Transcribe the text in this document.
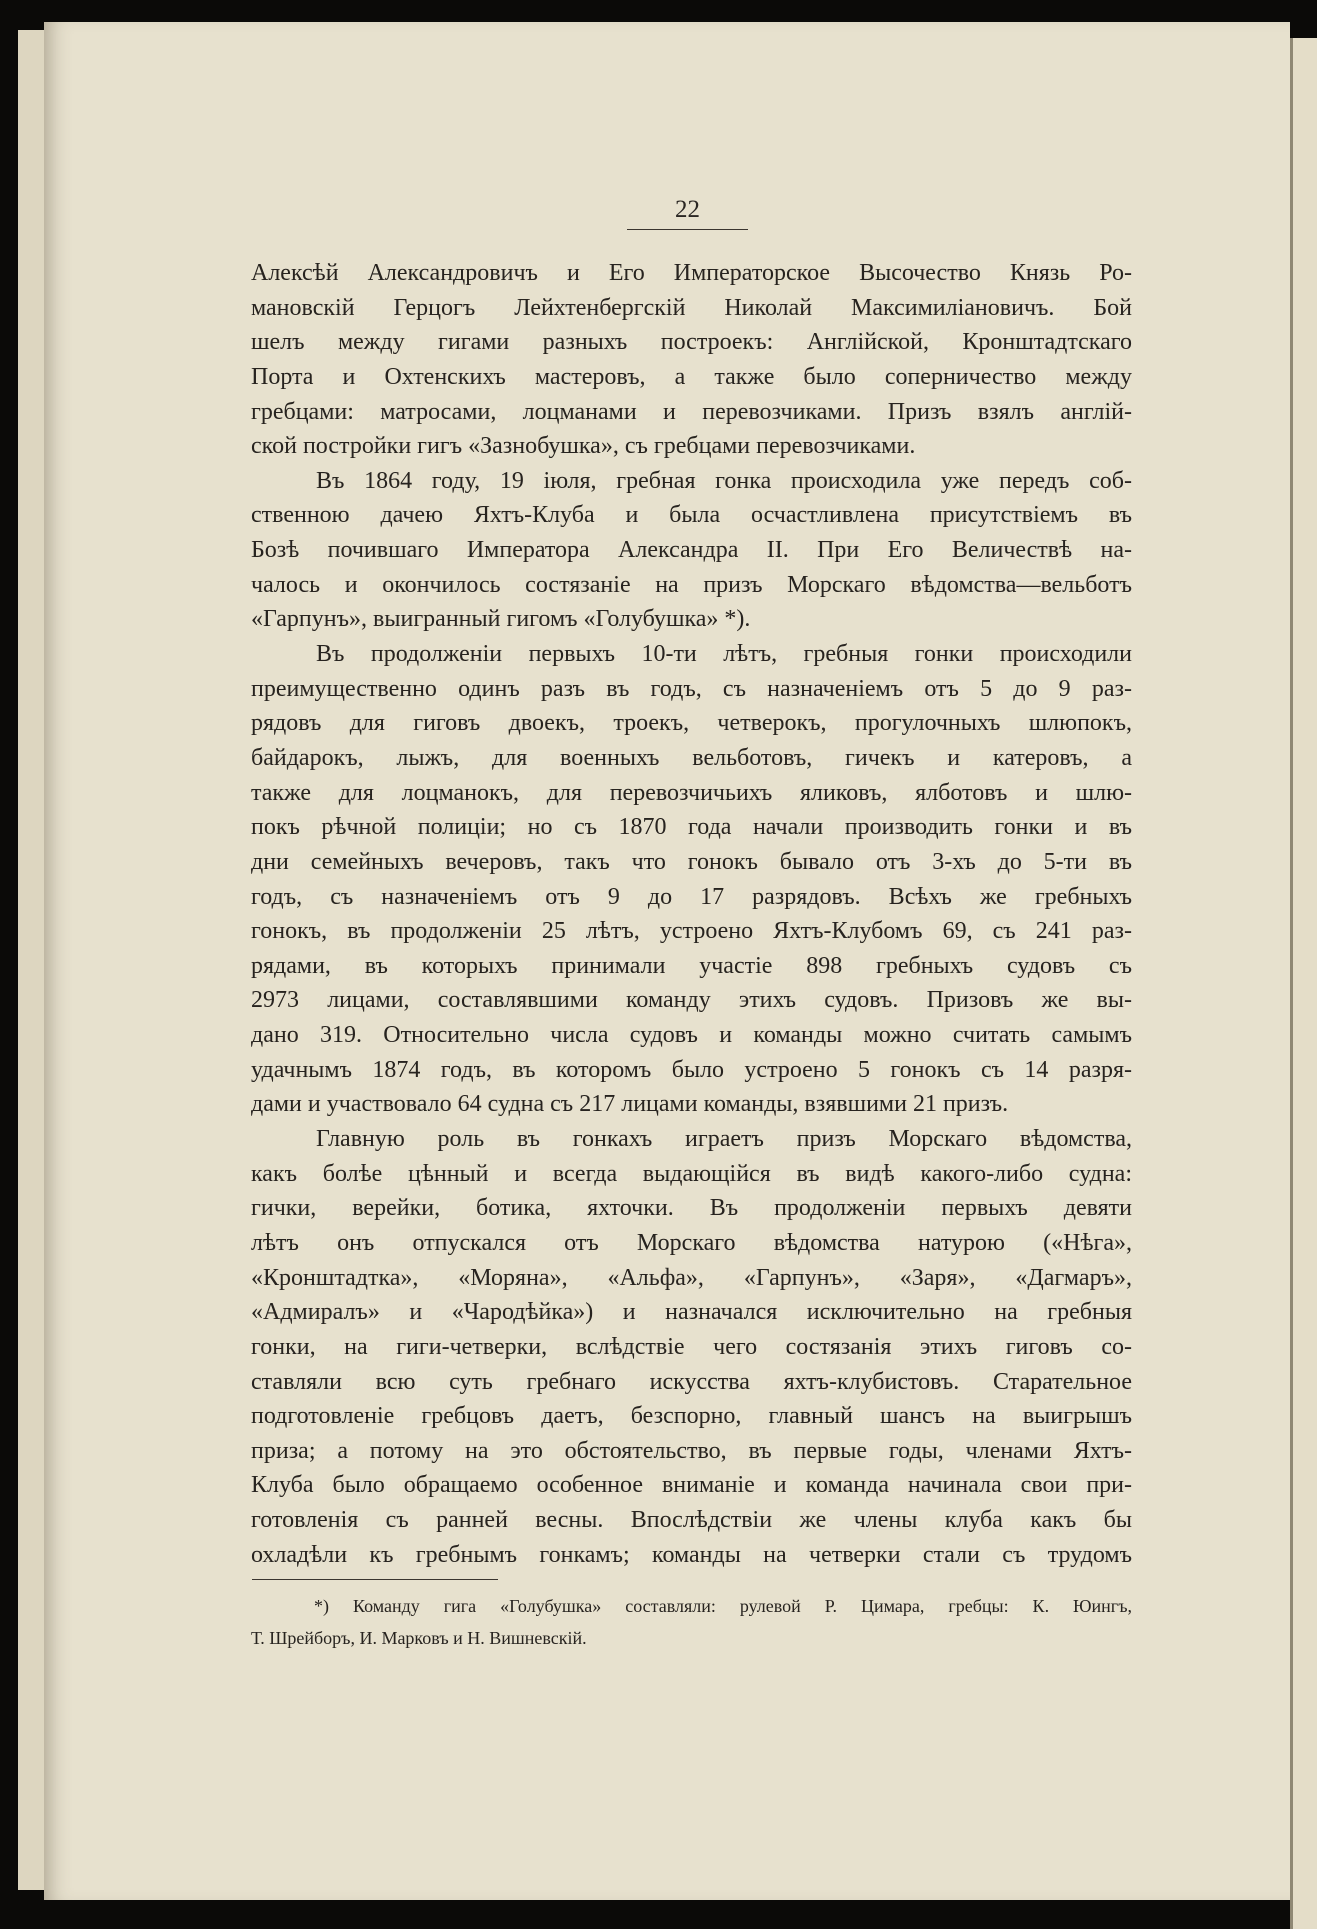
22
Алексѣй Александровичъ и Его Императорское Высочество Князь Ро-
мановскій Герцогъ Лейхтенбергскій Николай Максимиліановичъ. Бой
шелъ между гигами разныхъ построекъ: Англійской, Кронштадтскаго
Порта и Охтенскихъ мастеровъ, а также было соперничество между
гребцами: матросами, лоцманами и перевозчиками. Призъ взялъ англій-
ской постройки гигъ «Зазнобушка», съ гребцами перевозчиками.
Въ 1864 году, 19 іюля, гребная гонка происходила уже передъ соб-
ственною дачею Яхтъ-Клуба и была осчастливлена присутствіемъ въ
Бозѣ почившаго Императора Александра II. При Его Величествѣ на-
чалось и окончилось состязаніе на призъ Морскаго вѣдомства—вельботъ
«Гарпунъ», выигранный гигомъ «Голубушка» *).
Въ продолженіи первыхъ 10-ти лѣтъ, гребныя гонки происходили
преимущественно одинъ разъ въ годъ, съ назначеніемъ отъ 5 до 9 раз-
рядовъ для гиговъ двоекъ, троекъ, четверокъ, прогулочныхъ шлюпокъ,
байдарокъ, лыжъ, для военныхъ вельботовъ, гичекъ и катеровъ, а
также для лоцманокъ, для перевозчичьихъ яликовъ, ялботовъ и шлю-
покъ рѣчной полиціи; но съ 1870 года начали производить гонки и въ
дни семейныхъ вечеровъ, такъ что гонокъ бывало отъ 3-хъ до 5-ти въ
годъ, съ назначеніемъ отъ 9 до 17 разрядовъ. Всѣхъ же гребныхъ
гонокъ, въ продолженіи 25 лѣтъ, устроено Яхтъ-Клубомъ 69, съ 241 раз-
рядами, въ которыхъ принимали участіе 898 гребныхъ судовъ съ
2973 лицами, составлявшими команду этихъ судовъ. Призовъ же вы-
дано 319. Относительно числа судовъ и команды можно считать самымъ
удачнымъ 1874 годъ, въ которомъ было устроено 5 гонокъ съ 14 разря-
дами и участвовало 64 судна съ 217 лицами команды, взявшими 21 призъ.
Главную роль въ гонкахъ играетъ призъ Морскаго вѣдомства,
какъ болѣе цѣнный и всегда выдающійся въ видѣ какого-либо судна:
гички, верейки, ботика, яхточки. Въ продолженіи первыхъ девяти
лѣтъ онъ отпускался отъ Морскаго вѣдомства натурою («Нѣга»,
«Кронштадтка», «Моряна», «Альфа», «Гарпунъ», «Заря», «Дагмаръ»,
«Адмиралъ» и «Чародѣйка») и назначался исключительно на гребныя
гонки, на гиги-четверки, вслѣдствіе чего состязанія этихъ гиговъ со-
ставляли всю суть гребнаго искусства яхтъ-клубистовъ. Старательное
подготовленіе гребцовъ даетъ, безспорно, главный шансъ на выигрышъ
приза; а потому на это обстоятельство, въ первые годы, членами Яхтъ-
Клуба было обращаемо особенное вниманіе и команда начинала свои при-
готовленія съ ранней весны. Впослѣдствіи же члены клуба какъ бы
охладѣли къ гребнымъ гонкамъ; команды на четверки стали съ трудомъ
*) Команду гига «Голубушка» составляли: рулевой Р. Цимара, гребцы: К. Юингъ,
Т. Шрейборъ, И. Марковъ и Н. Вишневскій.
